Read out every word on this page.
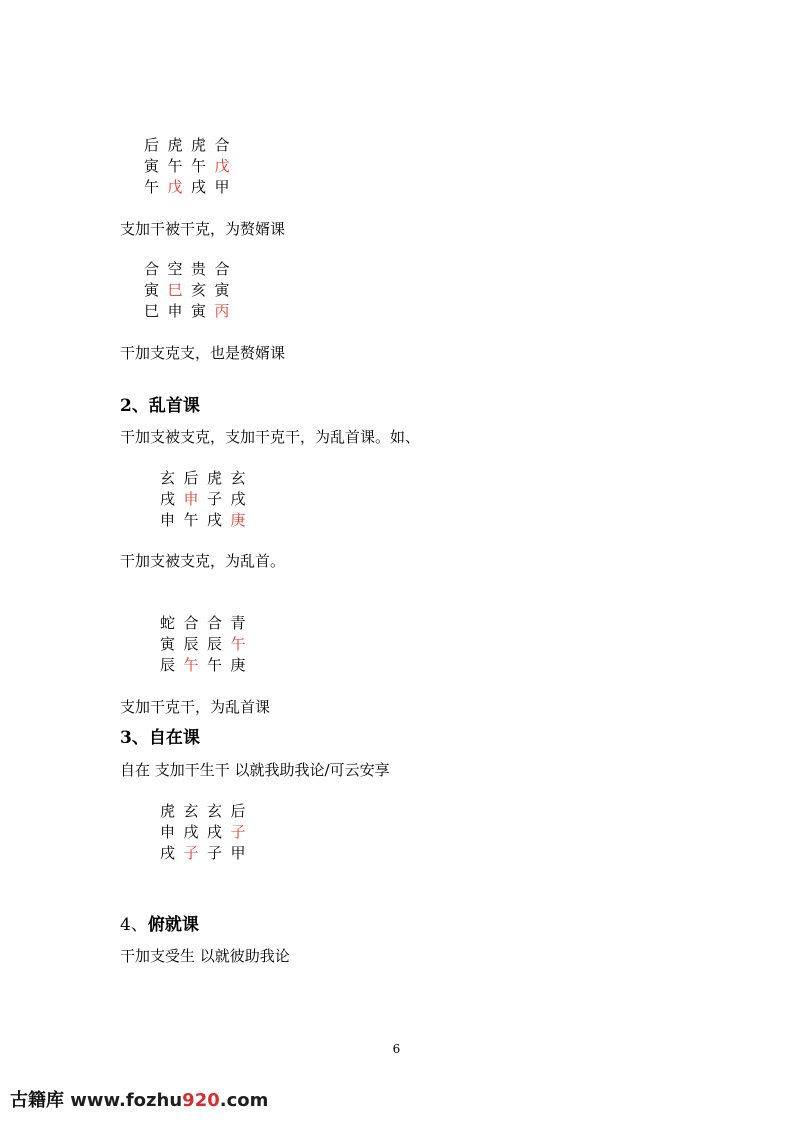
后 虎 虎 合
寅 午 午 戊
午 戊 戌 甲
支加干被干克，为赘婿课
合 空 贵 合
寅 巳 亥 寅
巳 申 寅 丙
干加支克支，也是赘婿课
2、乱首课
干加支被支克，支加干克干，为乱首课。如、
玄 后 虎 玄
戌 申 子 戌
申 午 戌 庚
干加支被支克，为乱首。
蛇 合 合 青
寅 辰 辰 午
辰 午 午 庚
支加干克干，为乱首课
3、自在课
自在 支加干生干 以就我助我论/可云安享
虎 玄 玄 后
申 戌 戌 子
戌 子 子 甲
4、俯就课
干加支受生 以就彼助我论
6
古籍库 www.fozhu920.com
